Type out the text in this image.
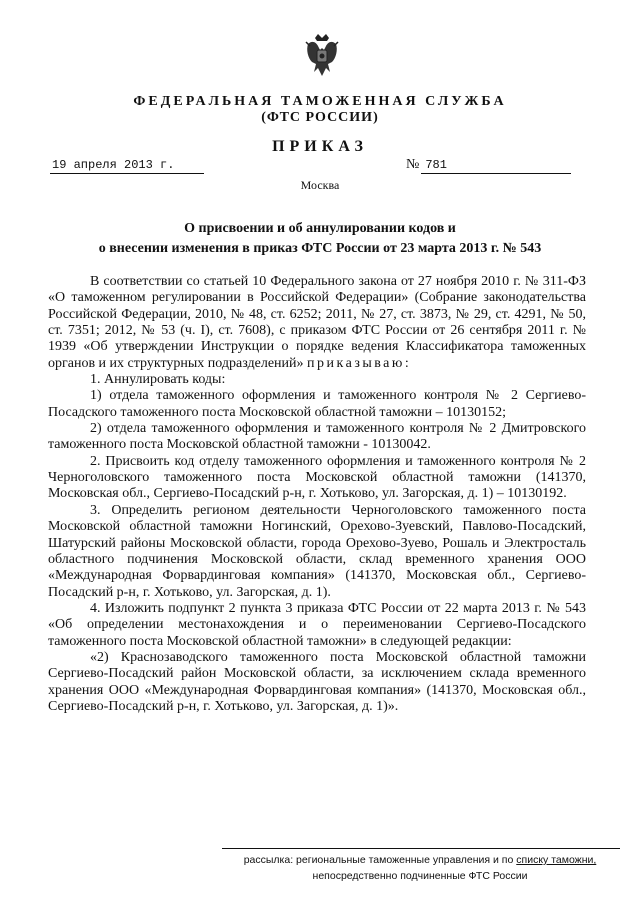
ФЕДЕРАЛЬНАЯ ТАМОЖЕННАЯ СЛУЖБА
(ФТС РОССИИ)
ПРИКАЗ
19 апреля 2013 г.	№ 781
Москва
О присвоении и об аннулировании кодов и
о внесении изменения в приказ ФТС России от 23 марта 2013 г. № 543

В соответствии со статьей 10 Федерального закона от 27 ноября 2010 г. № 311-ФЗ «О таможенном регулировании в Российской Федерации» (Собрание законодательства Российской Федерации, 2010, № 48, ст. 6252; 2011, № 27, ст. 3873, № 29, ст. 4291, № 50, ст. 7351; 2012, № 53 (ч. I), ст. 7608), с приказом ФТС России от 26 сентября 2011 г. № 1939 «Об утверждении Инструкции о порядке ведения Классификатора таможенных органов и их структурных подразделений» приказываю:

1. Аннулировать коды:

1) отдела таможенного оформления и таможенного контроля № 2 Сергиево-Посадского таможенного поста Московской областной таможни – 10130152;

2) отдела таможенного оформления и таможенного контроля № 2 Дмитровского таможенного поста Московской областной таможни - 10130042.

2. Присвоить код отделу таможенного оформления и таможенного контроля № 2 Черноголовского таможенного поста Московской областной таможни (141370, Московская обл., Сергиево-Посадский р-н, г. Хотьково, ул. Загорская, д. 1) – 10130192.

3. Определить регионом деятельности Черноголовского таможенного поста Московской областной таможни Ногинский, Орехово-Зуевский, Павлово-Посадский, Шатурский районы Московской области, города Орехово-Зуево, Рошаль и Электросталь областного подчинения Московской области, склад временного хранения ООО «Международная Форвардинговая компания» (141370, Московская обл., Сергиево-Посадский р-н, г. Хотьково, ул. Загорская, д. 1).

4. Изложить подпункт 2 пункта 3 приказа ФТС России от 22 марта 2013 г. № 543 «Об определении местонахождения и о переименовании Сергиево-Посадского таможенного поста Московской областной таможни» в следующей редакции:

«2) Краснозаводского таможенного поста Московской областной таможни Сергиево-Посадский район Московской области, за исключением склада временного хранения ООО «Международная Форвардинговая компания» (141370, Московская обл., Сергиево-Посадский р-н, г. Хотьково, ул. Загорская, д. 1)».

рассылка: региональные таможенные управления и по списку таможни,
непосредственно подчиненные ФТС России
